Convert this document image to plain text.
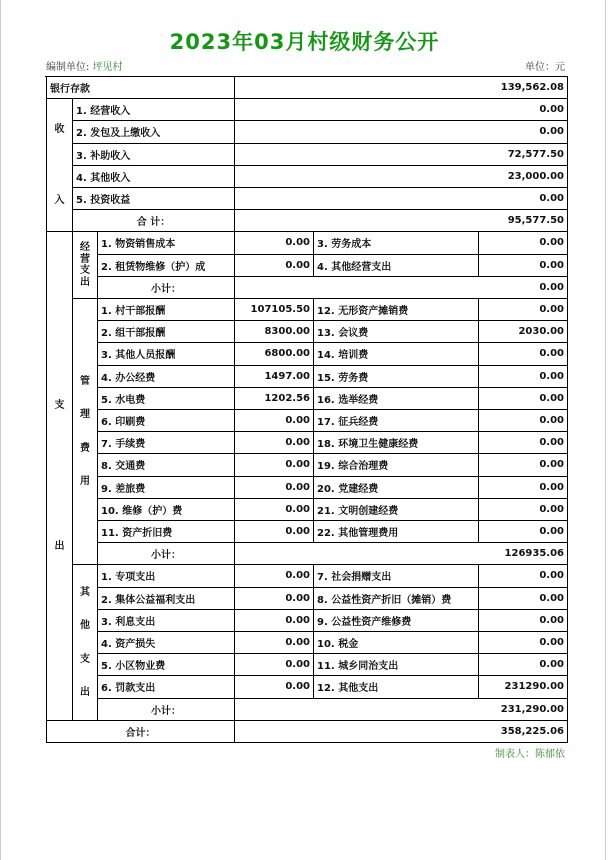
2023年03月村级财务公开
编制单位: 坪见村	单位：元
银行存款	139,562.08
收
入
1. 经营收入	0.00
2. 发包及上缴收入	0.00
3. 补助收入	72,577.50
4. 其他收入	23,000.00
5. 投资收益	0.00
合 计：	95,577.50
支
出
经
营
支
出
1. 物资销售成本	0.00 3. 劳务成本	0.00
2. 租赁物维修（护）成	0.00 4. 其他经营支出	0.00
小计：	0.00
管
理
费
用
1. 村干部报酬	107105.50 12. 无形资产摊销费	0.00
2. 组干部报酬	8300.00 13. 会议费	2030.00
3. 其他人员报酬	6800.00 14. 培训费	0.00
4. 办公经费	1497.00 15. 劳务费	0.00
5. 水电费	1202.56 16. 选举经费	0.00
6. 印刷费	0.00 17. 征兵经费	0.00
7. 手续费	0.00 18. 环境卫生健康经费	0.00
8. 交通费	0.00 19. 综合治理费	0.00
9. 差旅费	0.00 20. 党建经费	0.00
10. 维修（护）费	0.00 21. 文明创建经费	0.00
11. 资产折旧费	0.00 22. 其他管理费用	0.00
小计：	126935.06
其
他
支
出
1. 专项支出	0.00 7. 社会捐赠支出	0.00
2. 集体公益福利支出	0.00 8. 公益性资产折旧（摊销）费	0.00
3. 利息支出	0.00 9. 公益性资产维修费	0.00
4. 资产损失	0.00 10. 税金	0.00
5. 小区物业费	0.00 11. 城乡同治支出	0.00
6. 罚款支出	0.00 12. 其他支出	231290.00
小计：	231,290.00
合计：	358,225.06
制表人：陈郁依
